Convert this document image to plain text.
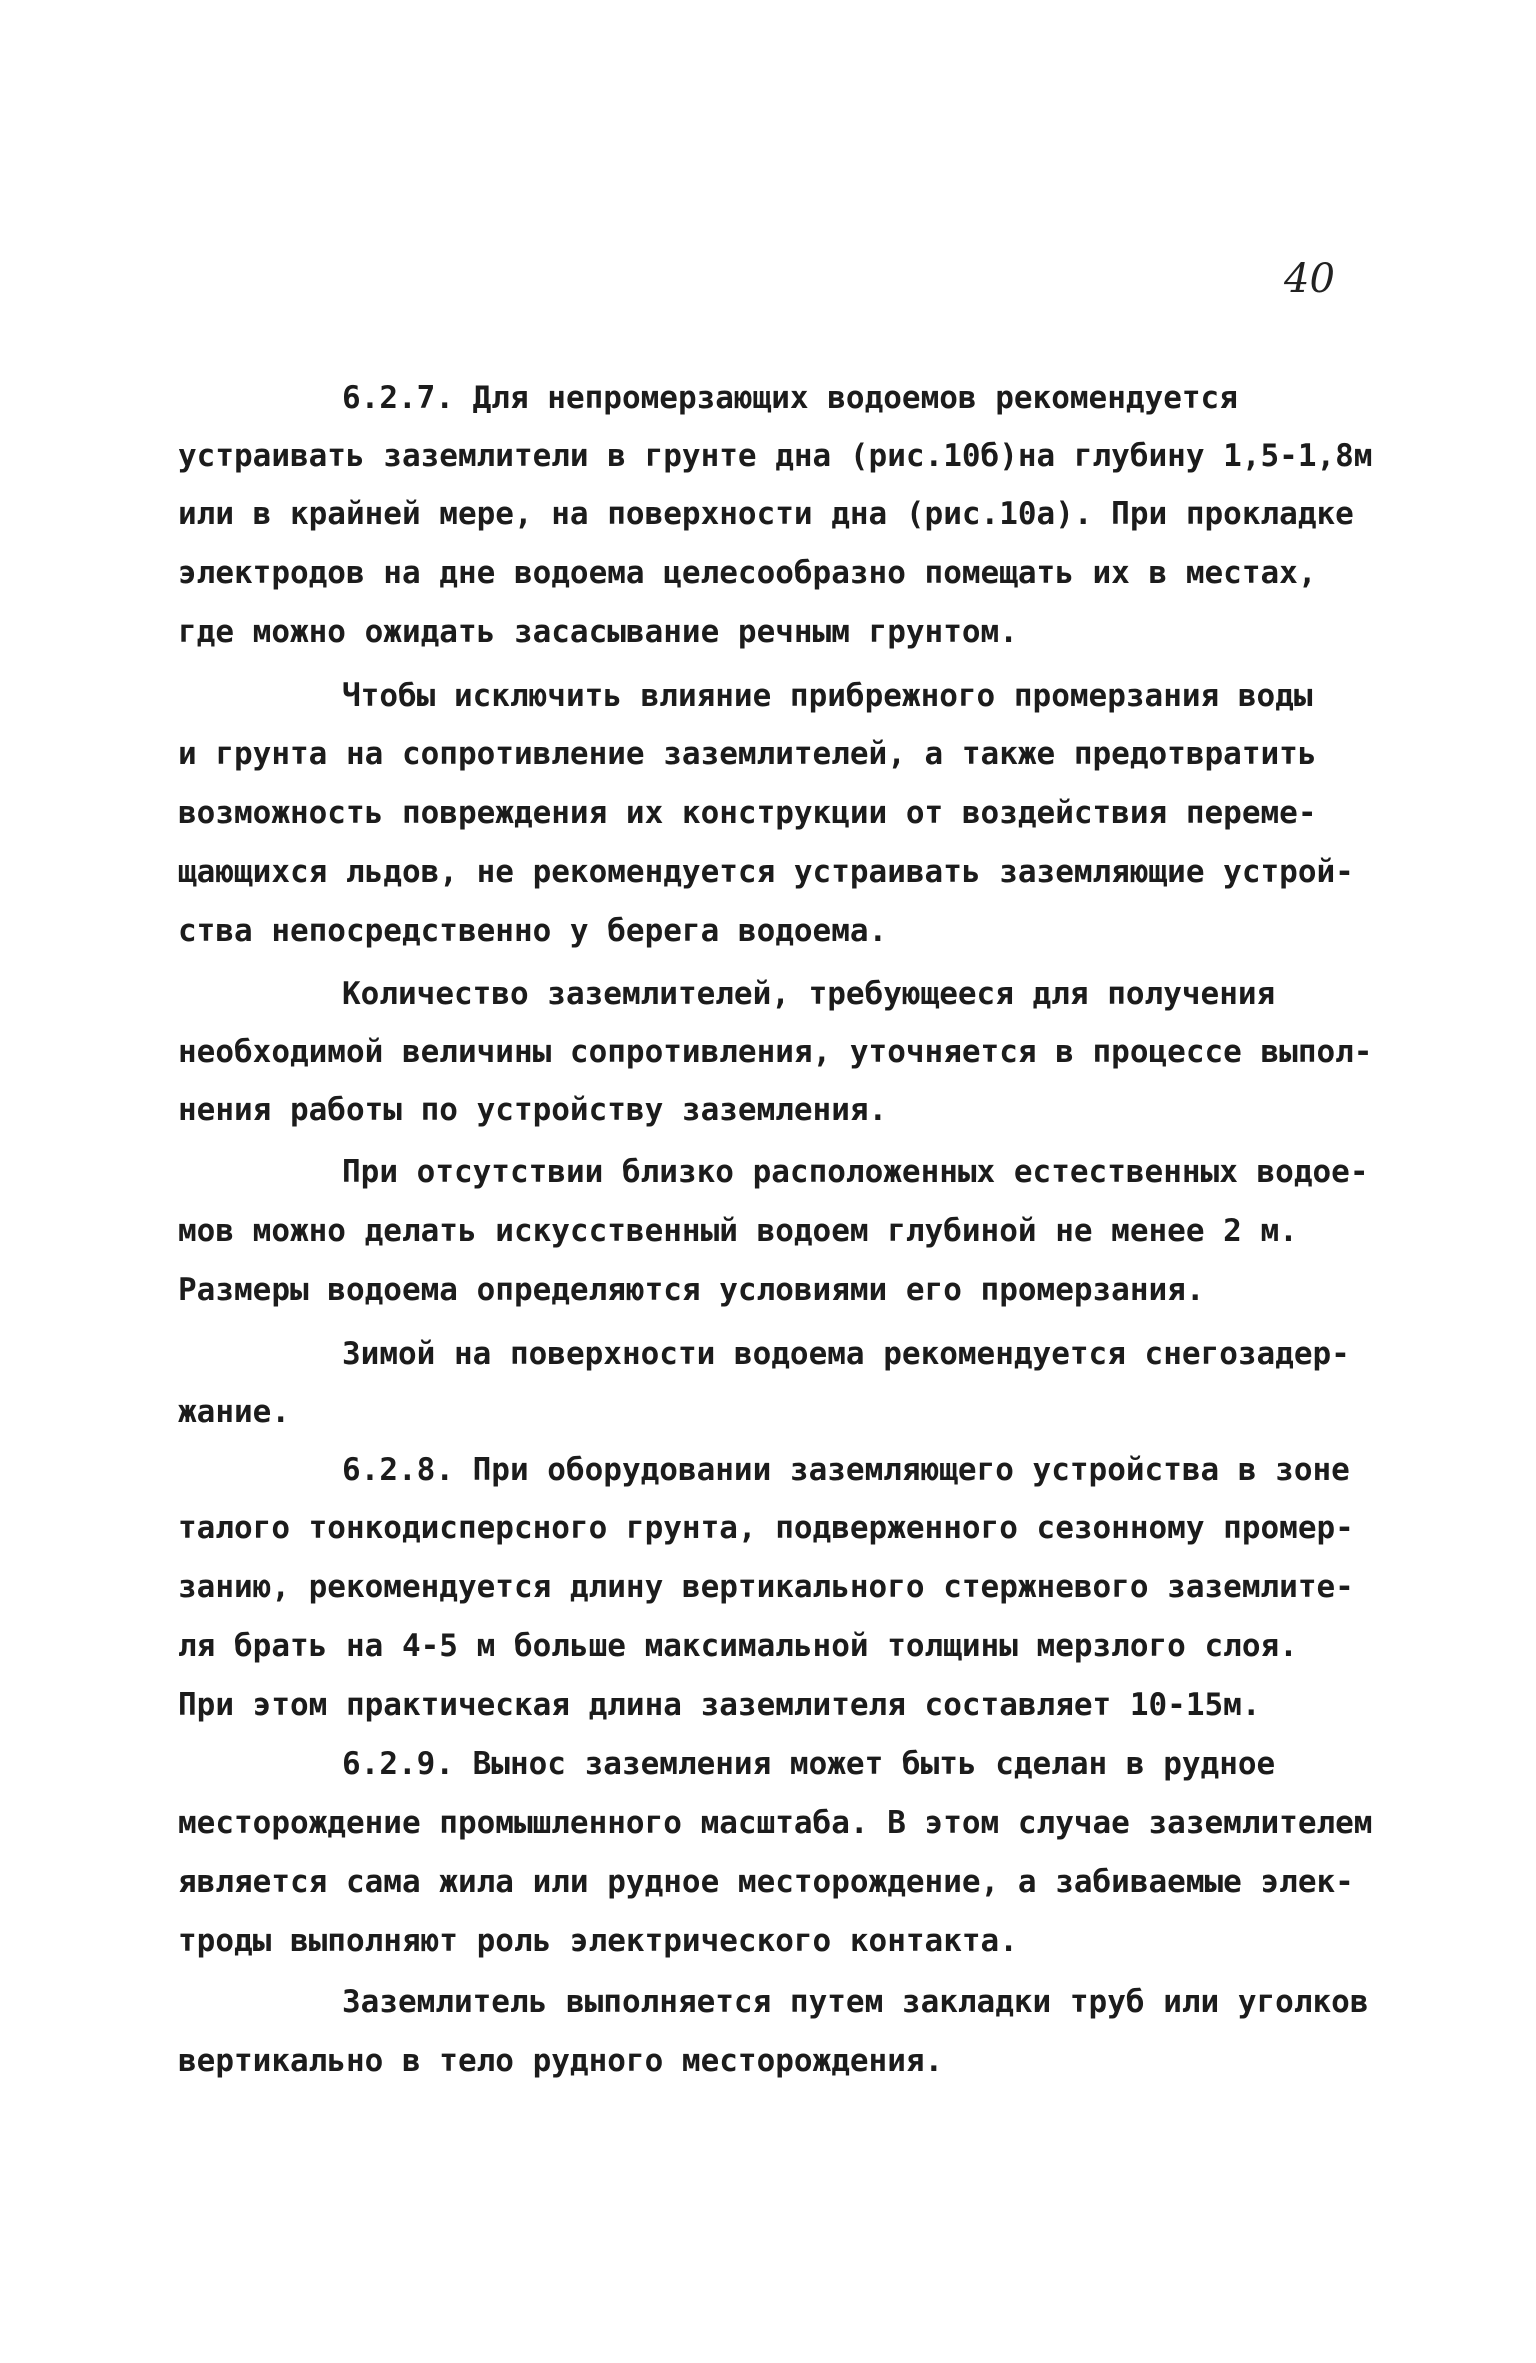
40
6.2.7. Для непромерзающих водоемов рекомендуется
устраивать заземлители в грунте дна (рис.10б)на глубину 1,5-1,8м
или в крайней мере, на поверхности дна (рис.10а). При прокладке
электродов на дне водоема целесообразно помещать их в местах,
где можно ожидать засасывание речным грунтом.
Чтобы исключить влияние прибрежного промерзания воды
и грунта на сопротивление заземлителей, а также предотвратить
возможность повреждения их конструкции от воздействия переме-
щающихся льдов, не рекомендуется устраивать заземляющие устрой-
ства непосредственно у берега водоема.
Количество заземлителей, требующееся для получения
необходимой величины сопротивления, уточняется в процессе выпол-
нения работы по устройству заземления.
При отсутствии близко расположенных естественных водое-
мов можно делать искусственный водоем глубиной не менее 2 м.
Размеры водоема определяются условиями его промерзания.
Зимой на поверхности водоема рекомендуется снегозадер-
жание.
6.2.8. При оборудовании заземляющего устройства в зоне
талого тонкодисперсного грунта, подверженного сезонному промер-
занию, рекомендуется длину вертикального стержневого заземлите-
ля брать на 4-5 м больше максимальной толщины мерзлого слоя.
При этом практическая длина заземлителя составляет 10-15м.
6.2.9. Вынос заземления может быть сделан в рудное
месторождение промышленного масштаба. В этом случае заземлителем
является сама жила или рудное месторождение, а забиваемые элек-
троды выполняют роль электрического контакта.
Заземлитель выполняется путем закладки труб или уголков
вертикально в тело рудного месторождения.
